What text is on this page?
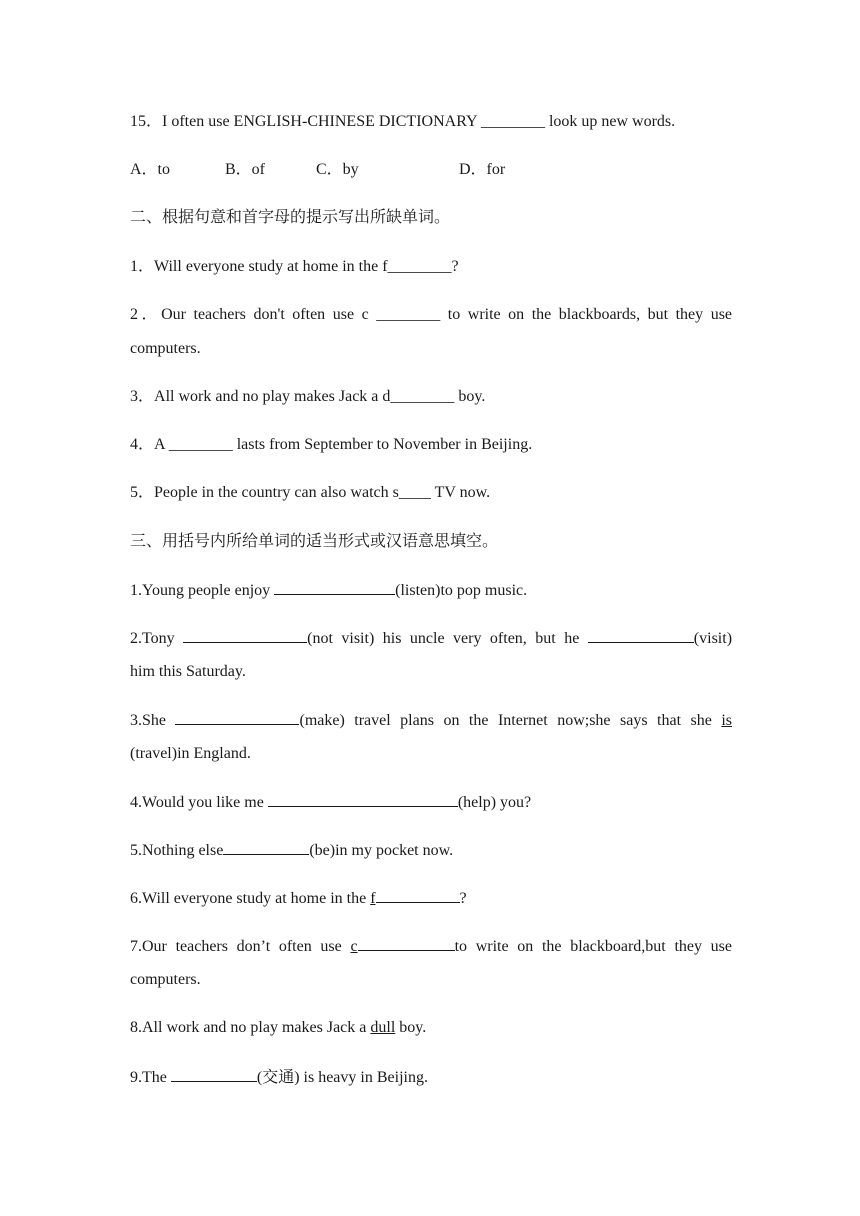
15．I often use ENGLISH-CHINESE DICTIONARY ________ look up new words.
A．to	B．of	C．by	D．for
二、根据句意和首字母的提示写出所缺单词。
1．Will everyone study at home in the f________?
2．Our teachers don't often use c ________ to write on the blackboards, but they use
computers.
3．All work and no play makes Jack a d________ boy.
4．A ________ lasts from September to November in Beijing.
5．People in the country can also watch s____ TV now.
三、用括号内所给单词的适当形式或汉语意思填空。
1.Young people enjoy	(listen)to pop music.
2.Tony	(not visit) his uncle very often, but he	(visit)
him this Saturday.
3.She	(make) travel plans on the Internet now;she says that she is
(travel)in England.
4.Would you like me	(help) you?
5.Nothing else	(be)in my pocket now.
6.Will everyone study at home in the f	?
7.Our teachers don’t often use c	to write on the blackboard,but they use
computers.
8.All work and no play makes Jack a dull boy.
9.The	(交通) is heavy in Beijing.
